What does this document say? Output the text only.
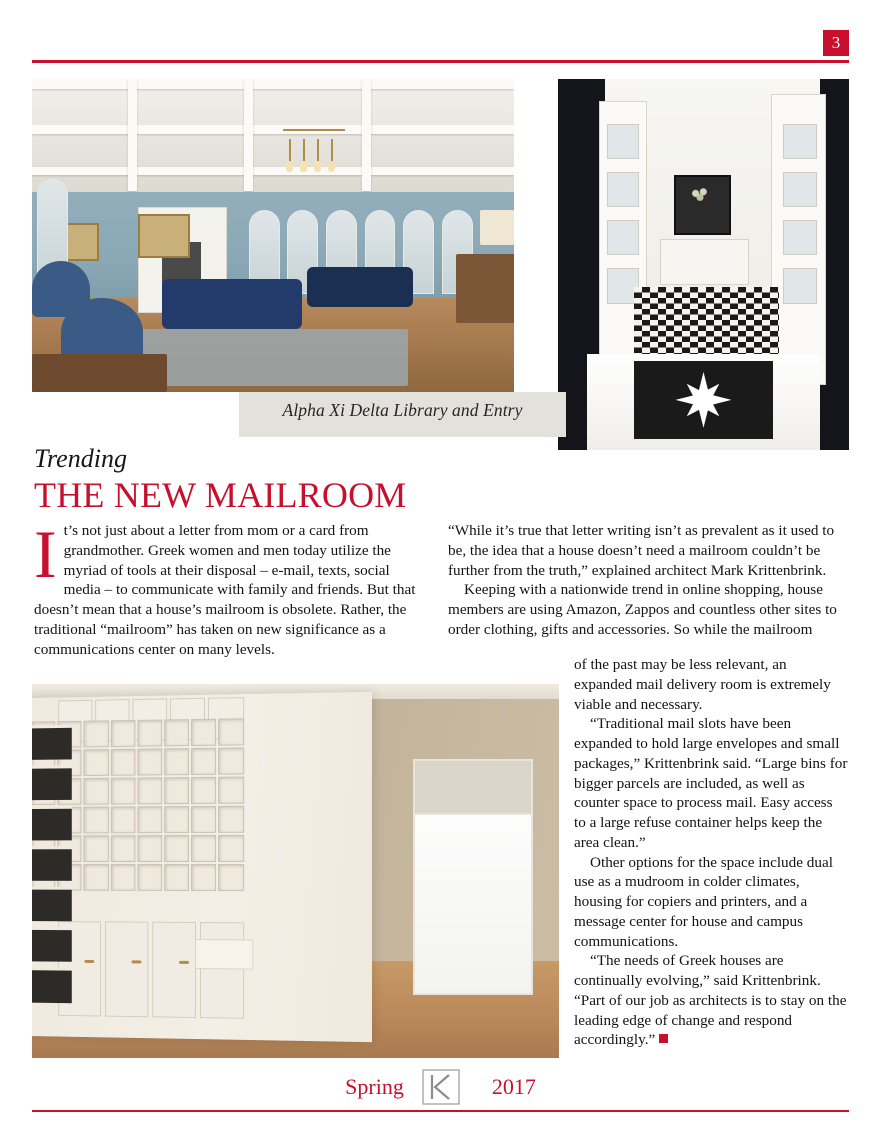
3
Alpha Xi Delta Library and Entry
Trending
THE NEW MAILROOM
I t’s not just about a letter from mom or a card from grandmother. Greek women and men today utilize the myriad of tools at their disposal – e-mail, texts, social media – to communicate with family and friends. But that doesn’t mean that a house’s mailroom is obsolete. Rather, the traditional “mailroom” has taken on new significance as a communications center on many levels.

“While it’s true that letter writing isn’t as prevalent as it used to be, the idea that a house doesn’t need a mailroom couldn’t be further from the truth,” explained architect Mark Krittenbrink.

Keeping with a nationwide trend in online shopping, house members are using Amazon, Zappos and countless other sites to order clothing, gifts and accessories. So while the mailroom

of the past may be less relevant, an expanded mail delivery room is extremely viable and necessary.

“Traditional mail slots have been expanded to hold large envelopes and small packages,” Krittenbrink said. “Large bins for bigger parcels are included, as well as counter space to process mail. Easy access to a large refuse container helps keep the area clean.”

Other options for the space include dual use as a mudroom in colder climates, housing for copiers and printers, and a message center for house and campus communications.

“The needs of Greek houses are continually evolving,” said Krittenbrink. “Part of our job as architects is to stay on the leading edge of change and respond accordingly.”

Spring	2017
